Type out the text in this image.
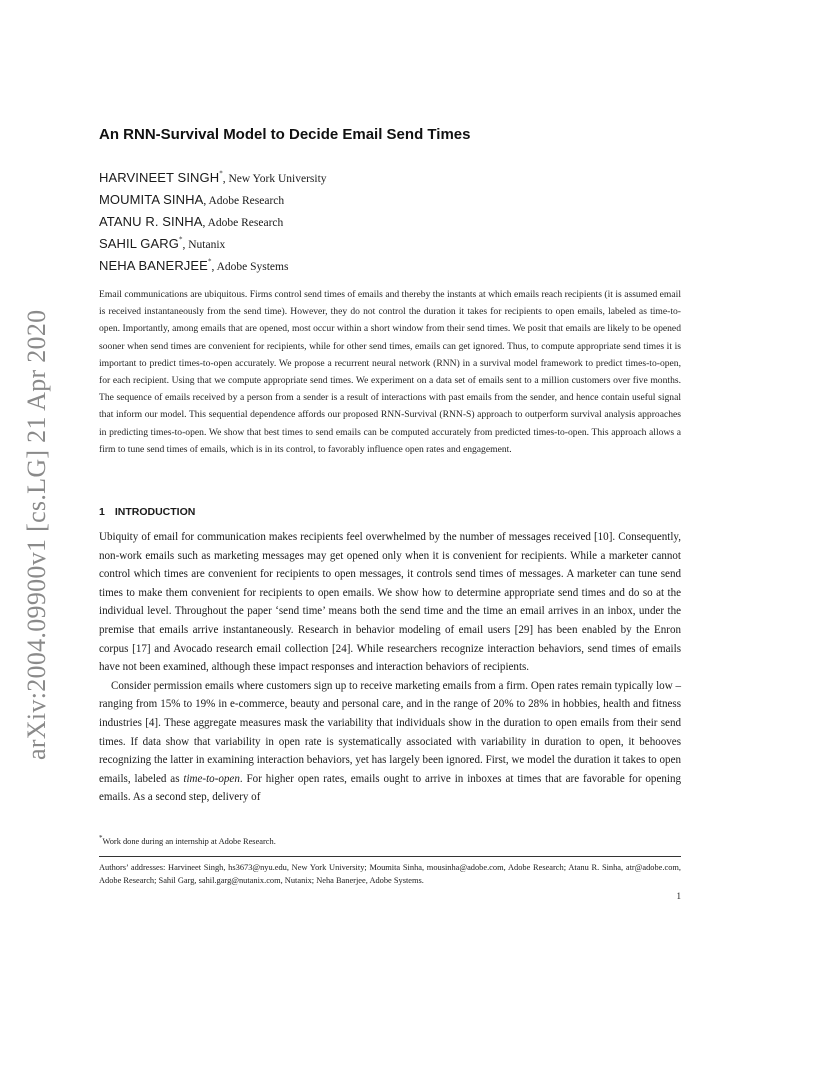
arXiv:2004.09900v1 [cs.LG] 21 Apr 2020
An RNN-Survival Model to Decide Email Send Times
HARVINEET SINGH*, New York University
MOUMITA SINHA, Adobe Research
ATANU R. SINHA, Adobe Research
SAHIL GARG*, Nutanix
NEHA BANERJEE*, Adobe Systems
Email communications are ubiquitous. Firms control send times of emails and thereby the instants at which emails reach recipients (it is assumed email is received instantaneously from the send time). However, they do not control the duration it takes for recipients to open emails, labeled as time-to-open. Importantly, among emails that are opened, most occur within a short window from their send times. We posit that emails are likely to be opened sooner when send times are convenient for recipients, while for other send times, emails can get ignored. Thus, to compute appropriate send times it is important to predict times-to-open accurately. We propose a recurrent neural network (RNN) in a survival model framework to predict times-to-open, for each recipient. Using that we compute appropriate send times. We experiment on a data set of emails sent to a million customers over five months. The sequence of emails received by a person from a sender is a result of interactions with past emails from the sender, and hence contain useful signal that inform our model. This sequential dependence affords our proposed RNN-Survival (RNN-S) approach to outperform survival analysis approaches in predicting times-to-open. We show that best times to send emails can be computed accurately from predicted times-to-open. This approach allows a firm to tune send times of emails, which is in its control, to favorably influence open rates and engagement.
1 INTRODUCTION

Ubiquity of email for communication makes recipients feel overwhelmed by the number of messages received [10]. Consequently, non-work emails such as marketing messages may get opened only when it is convenient for recipients. While a marketer cannot control which times are convenient for recipients to open messages, it controls send times of messages. A marketer can tune send times to make them convenient for recipients to open emails. We show how to determine appropriate send times and do so at the individual level. Throughout the paper ‘send time’ means both the send time and the time an email arrives in an inbox, under the premise that emails arrive instantaneously. Research in behavior modeling of email users [29] has been enabled by the Enron corpus [17] and Avocado research email collection [24]. While researchers recognize interaction behaviors, send times of emails have not been examined, although these impact responses and interaction behaviors of recipients.

Consider permission emails where customers sign up to receive marketing emails from a firm. Open rates remain typically low – ranging from 15% to 19% in e-commerce, beauty and personal care, and in the range of 20% to 28% in hobbies, health and fitness industries [4]. These aggregate measures mask the variability that individuals show in the duration to open emails from their send times. If data show that variability in open rate is systematically associated with variability in duration to open, it behooves recognizing the latter in examining interaction behaviors, yet has largely been ignored. First, we model the duration it takes to open emails, labeled as time-to-open. For higher open rates, emails ought to arrive in inboxes at times that are favorable for opening emails. As a second step, delivery of

*Work done during an internship at Adobe Research.
Authors’ addresses: Harvineet Singh, hs3673@nyu.edu, New York University; Moumita Sinha, mousinha@adobe.com, Adobe Research; Atanu R. Sinha, atr@adobe.com, Adobe Research; Sahil Garg, sahil.garg@nutanix.com, Nutanix; Neha Banerjee, Adobe Systems.
1
